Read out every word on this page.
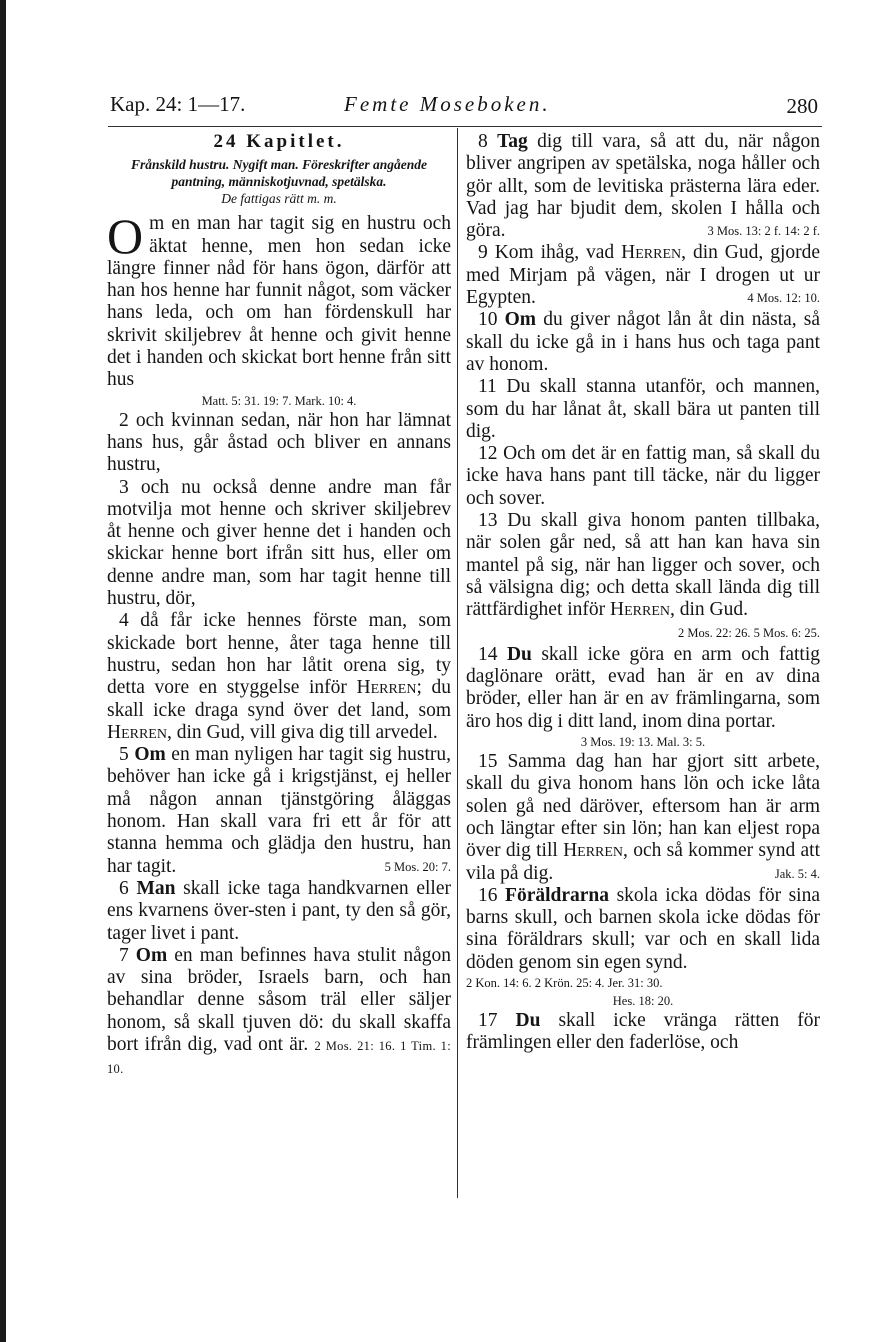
Kap. 24: 1—17.	Femte Moseboken.	280

24 Kapitlet.

Frånskild hustru. Nygift man. Föreskrifter angående pantning, människotjuvnad, spetälska.
De fattigas rätt m. m.

Om en man har tagit sig en hustru och äktat henne, men hon sedan icke längre finner nåd för hans ögon, därför att han hos henne har funnit något, som väcker hans leda, och om han fördenskull har skrivit skiljebrev åt henne och givit henne det i handen och skickat bort henne från sitt hus

Matt. 5: 31. 19: 7. Mark. 10: 4.

2 och kvinnan sedan, när hon har lämnat hans hus, går åstad och bliver en annans hustru,

3 och nu också denne andre man får motvilja mot henne och skriver skiljebrev åt henne och giver henne det i handen och skickar henne bort ifrån sitt hus, eller om denne andre man, som har tagit henne till hustru, dör,

4 då får icke hennes förste man, som skickade bort henne, åter taga henne till hustru, sedan hon har låtit orena sig, ty detta vore en styggelse inför Herren; du skall icke draga synd över det land, som Herren, din Gud, vill giva dig till arvedel.

5 Om en man nyligen har tagit sig hustru, behöver han icke gå i krigstjänst, ej heller må någon annan tjänstgöring åläggas honom. Han skall vara fri ett år för att stanna hemma och glädja den hustru, han har tagit.	5 Mos. 20: 7.

6 Man skall icke taga handkvarnen eller ens kvarnens över-sten i pant, ty den så gör, tager livet i pant.

7 Om en man befinnes hava stulit någon av sina bröder, Israels barn, och han behandlar denne såsom träl eller säljer honom, så skall tjuven dö: du skall skaffa bort ifrån dig, vad ont är. 2 Mos. 21: 16. 1 Tim. 1: 10.

8 Tag dig till vara, så att du, när någon bliver angripen av spetälska, noga håller och gör allt, som de levitiska prästerna lära eder. Vad jag har bjudit dem, skolen I hålla och göra.	3 Mos. 13: 2 f. 14: 2 f.

9 Kom ihåg, vad Herren, din Gud, gjorde med Mirjam på vägen, när I drogen ut ur Egypten.	4 Mos. 12: 10.

10 Om du giver något lån åt din nästa, så skall du icke gå in i hans hus och taga pant av honom.

11 Du skall stanna utanför, och mannen, som du har lånat åt, skall bära ut panten till dig.

12 Och om det är en fattig man, så skall du icke hava hans pant till täcke, när du ligger och sover.

13 Du skall giva honom panten tillbaka, när solen går ned, så att han kan hava sin mantel på sig, när han ligger och sover, och så välsigna dig; och detta skall lända dig till rättfärdighet inför Herren, din Gud.
2 Mos. 22: 26. 5 Mos. 6: 25.

14 Du skall icke göra en arm och fattig daglönare orätt, evad han är en av dina bröder, eller han är en av främlingarna, som äro hos dig i ditt land, inom dina portar.

3 Mos. 19: 13. Mal. 3: 5.

15 Samma dag han har gjort sitt arbete, skall du giva honom hans lön och icke låta solen gå ned däröver, eftersom han är arm och längtar efter sin lön; han kan eljest ropa över dig till Herren, och så kommer synd att vila på dig.	Jak. 5: 4.

16 Föräldrarna skola icka dödas för sina barns skull, och barnen skola icke dödas för sina föräldrars skull; var och en skall lida döden genom sin egen synd.

2 Kon. 14: 6. 2 Krön. 25: 4. Jer. 31: 30.

Hes. 18: 20.

17 Du skall icke vränga rätten för främlingen eller den faderlöse, och
